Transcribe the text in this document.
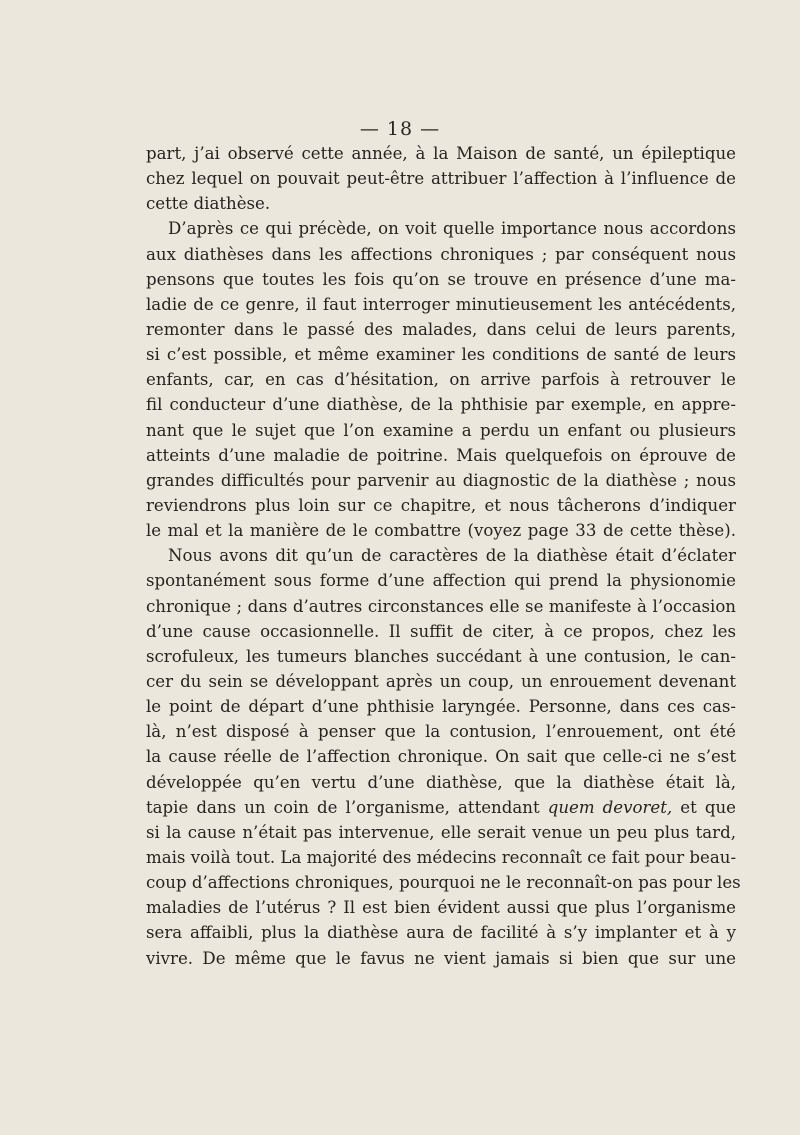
— 18 —
part, j’ai observé cette année, à la Maison de santé, un épileptique
chez lequel on pouvait peut-être attribuer l’affection à l’influence de
cette diathèse.
D’après ce qui précède, on voit quelle importance nous accordons
aux diathèses dans les affections chroniques ; par conséquent nous
pensons que toutes les fois qu’on se trouve en présence d’une ma-
ladie de ce genre, il faut interroger minutieusement les antécédents,
remonter dans le passé des malades, dans celui de leurs parents,
si c’est possible, et même examiner les conditions de santé de leurs
enfants, car, en cas d’hésitation, on arrive parfois à retrouver le
fil conducteur d’une diathèse, de la phthisie par exemple, en appre-
nant que le sujet que l’on examine a perdu un enfant ou plusieurs
atteints d’une maladie de poitrine. Mais quelquefois on éprouve de
grandes difficultés pour parvenir au diagnostic de la diathèse ; nous
reviendrons plus loin sur ce chapitre, et nous tâcherons d’indiquer
le mal et la manière de le combattre (voyez page 33 de cette thèse).
Nous avons dit qu’un de caractères de la diathèse était d’éclater
spontanément sous forme d’une affection qui prend la physionomie
chronique ; dans d’autres circonstances elle se manifeste à l’occasion
d’une cause occasionnelle. Il suffit de citer, à ce propos, chez les
scrofuleux, les tumeurs blanches succédant à une contusion, le can-
cer du sein se développant après un coup, un enrouement devenant
le point de départ d’une phthisie laryngée. Personne, dans ces cas-
là, n’est disposé à penser que la contusion, l’enrouement, ont été
la cause réelle de l’affection chronique. On sait que celle-ci ne s’est
développée qu’en vertu d’une diathèse, que la diathèse était là,
tapie dans un coin de l’organisme, attendant quem devoret, et que
si la cause n’était pas intervenue, elle serait venue un peu plus tard,
mais voilà tout. La majorité des médecins reconnaît ce fait pour beau-
coup d’affections chroniques, pourquoi ne le reconnaît-on pas pour les
maladies de l’utérus ? Il est bien évident aussi que plus l’organisme
sera affaibli, plus la diathèse aura de facilité à s’y implanter et à y
vivre. De même que le favus ne vient jamais si bien que sur une
